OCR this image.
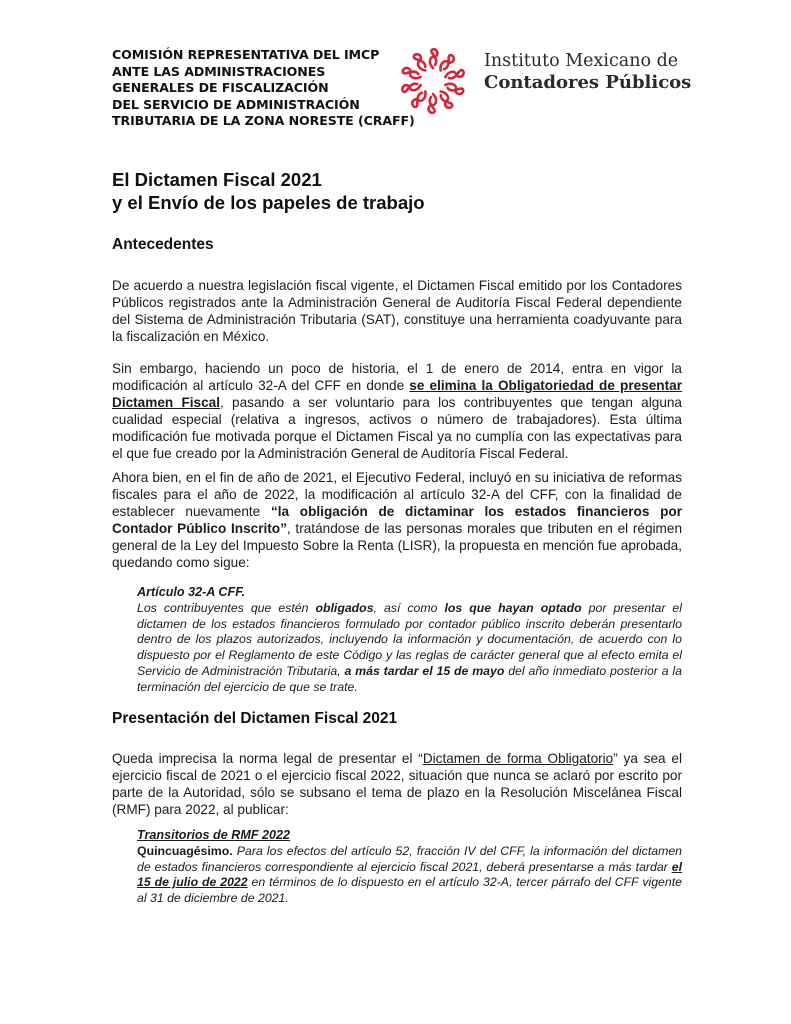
COMISIÓN REPRESENTATIVA DEL IMCP
ANTE LAS ADMINISTRACIONES
GENERALES DE FISCALIZACIÓN
DEL SERVICIO DE ADMINISTRACIÓN
TRIBUTARIA DE LA ZONA NORESTE (CRAFF)
Instituto Mexicano de
Contadores Públicos
El Dictamen Fiscal 2021
y el Envío de los papeles de trabajo
Antecedentes
De acuerdo a nuestra legislación fiscal vigente, el Dictamen Fiscal emitido por los Contadores Públicos registrados ante la Administración General de Auditoría Fiscal Federal dependiente del Sistema de Administración Tributaria (SAT), constituye una herramienta coadyuvante para la fiscalización en México.
Sin embargo, haciendo un poco de historia, el 1 de enero de 2014, entra en vigor la modificación al artículo 32-A del CFF en donde se elimina la Obligatoriedad de presentar Dictamen Fiscal, pasando a ser voluntario para los contribuyentes que tengan alguna cualidad especial (relativa a ingresos, activos o número de trabajadores). Esta última modificación fue motivada porque el Dictamen Fiscal ya no cumplía con las expectativas para el que fue creado por la Administración General de Auditoría Fiscal Federal.
Ahora bien, en el fin de año de 2021, el Ejecutivo Federal, incluyó en su iniciativa de reformas fiscales para el año de 2022, la modificación al artículo 32-A del CFF, con la finalidad de establecer nuevamente “la obligación de dictaminar los estados financieros por Contador Público Inscrito”, tratándose de las personas morales que tributen en el régimen general de la Ley del Impuesto Sobre la Renta (LISR), la propuesta en mención fue aprobada, quedando como sigue:
Artículo 32-A CFF.
Los contribuyentes que estén obligados, así como los que hayan optado por presentar el dictamen de los estados financieros formulado por contador público inscrito deberán presentarlo dentro de los plazos autorizados, incluyendo la información y documentación, de acuerdo con lo dispuesto por el Reglamento de este Código y las reglas de carácter general que al efecto emita el Servicio de Administración Tributaria, a más tardar el 15 de mayo del año inmediato posterior a la terminación del ejercicio de que se trate.
Presentación del Dictamen Fiscal 2021
Queda imprecisa la norma legal de presentar el “Dictamen de forma Obligatorio” ya sea el ejercicio fiscal de 2021 o el ejercicio fiscal 2022, situación que nunca se aclaró por escrito por parte de la Autoridad, sólo se subsano el tema de plazo en la Resolución Miscelánea Fiscal (RMF) para 2022, al publicar:
Transitorios de RMF 2022
Quincuagésimo. Para los efectos del artículo 52, fracción IV del CFF, la información del dictamen de estados financieros correspondiente al ejercicio fiscal 2021, deberá presentarse a más tardar el 15 de julio de 2022 en términos de lo dispuesto en el artículo 32-A, tercer párrafo del CFF vigente al 31 de diciembre de 2021.
